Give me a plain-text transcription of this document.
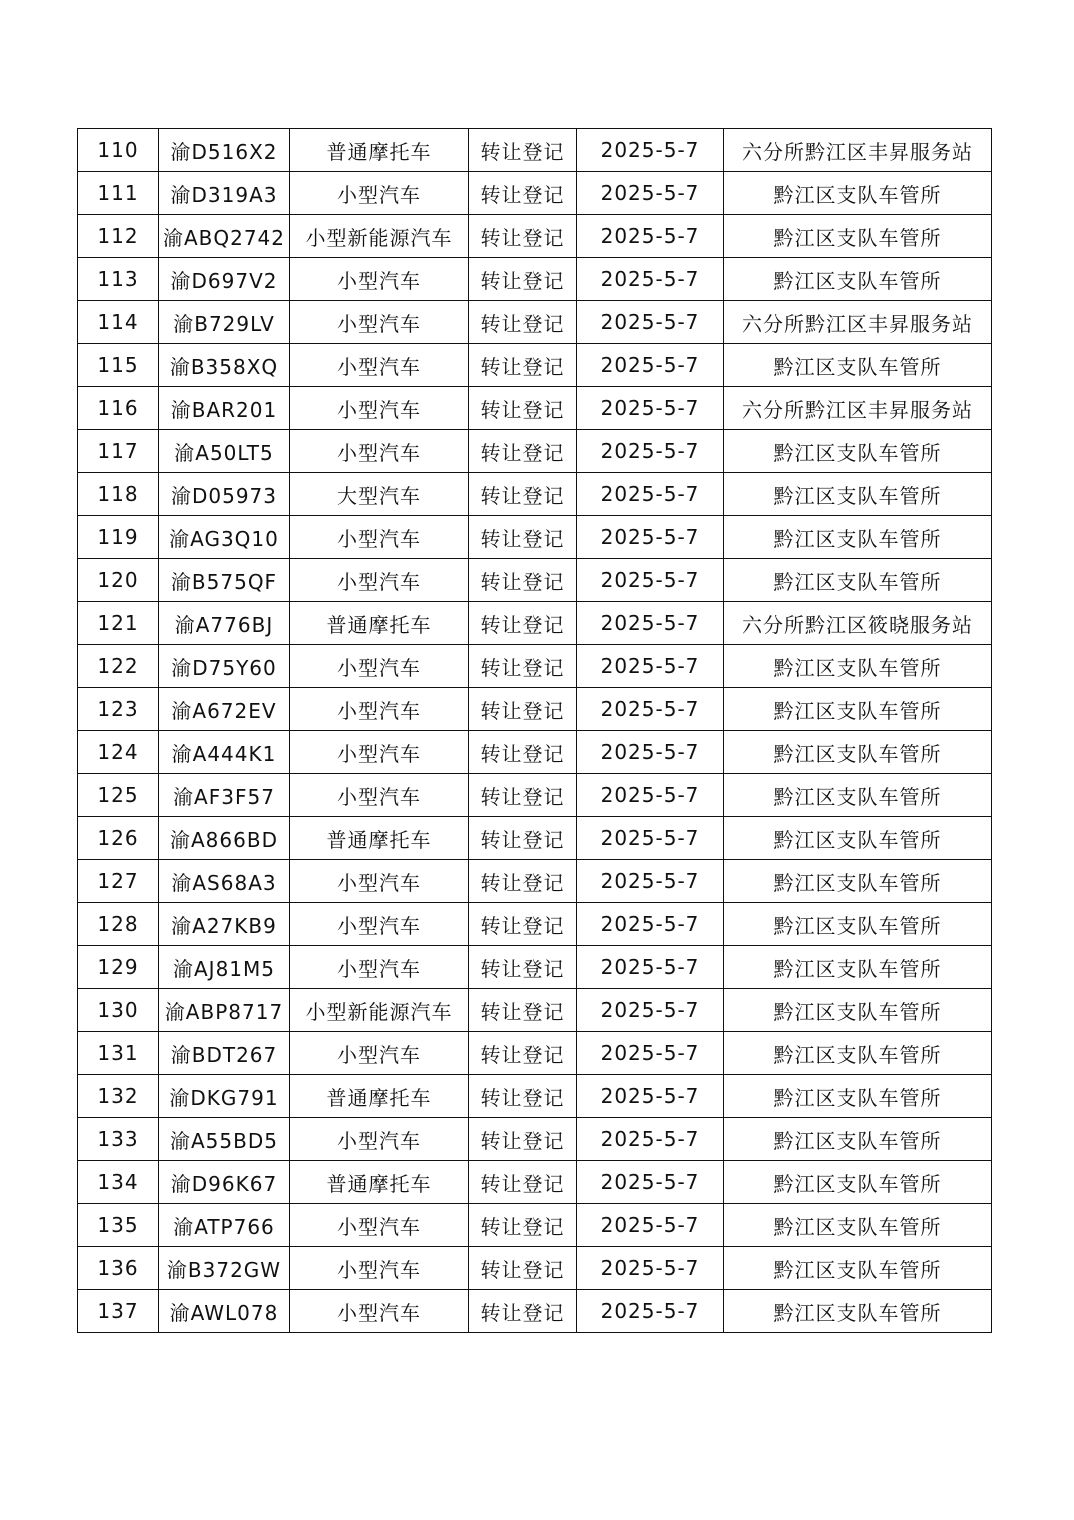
110	渝D516X2	普通摩托车	转让登记	2025-5-7	六分所黔江区丰昇服务站
111	渝D319A3	小型汽车	转让登记	2025-5-7	黔江区支队车管所
112	渝ABQ2742	小型新能源汽车	转让登记	2025-5-7	黔江区支队车管所
113	渝D697V2	小型汽车	转让登记	2025-5-7	黔江区支队车管所
114	渝B729LV	小型汽车	转让登记	2025-5-7	六分所黔江区丰昇服务站
115	渝B358XQ	小型汽车	转让登记	2025-5-7	黔江区支队车管所
116	渝BAR201	小型汽车	转让登记	2025-5-7	六分所黔江区丰昇服务站
117	渝A50LT5	小型汽车	转让登记	2025-5-7	黔江区支队车管所
118	渝D05973	大型汽车	转让登记	2025-5-7	黔江区支队车管所
119	渝AG3Q10	小型汽车	转让登记	2025-5-7	黔江区支队车管所
120	渝B575QF	小型汽车	转让登记	2025-5-7	黔江区支队车管所
121	渝A776BJ	普通摩托车	转让登记	2025-5-7	六分所黔江区筱晓服务站
122	渝D75Y60	小型汽车	转让登记	2025-5-7	黔江区支队车管所
123	渝A672EV	小型汽车	转让登记	2025-5-7	黔江区支队车管所
124	渝A444K1	小型汽车	转让登记	2025-5-7	黔江区支队车管所
125	渝AF3F57	小型汽车	转让登记	2025-5-7	黔江区支队车管所
126	渝A866BD	普通摩托车	转让登记	2025-5-7	黔江区支队车管所
127	渝AS68A3	小型汽车	转让登记	2025-5-7	黔江区支队车管所
128	渝A27KB9	小型汽车	转让登记	2025-5-7	黔江区支队车管所
129	渝AJ81M5	小型汽车	转让登记	2025-5-7	黔江区支队车管所
130	渝ABP8717	小型新能源汽车	转让登记	2025-5-7	黔江区支队车管所
131	渝BDT267	小型汽车	转让登记	2025-5-7	黔江区支队车管所
132	渝DKG791	普通摩托车	转让登记	2025-5-7	黔江区支队车管所
133	渝A55BD5	小型汽车	转让登记	2025-5-7	黔江区支队车管所
134	渝D96K67	普通摩托车	转让登记	2025-5-7	黔江区支队车管所
135	渝ATP766	小型汽车	转让登记	2025-5-7	黔江区支队车管所
136	渝B372GW	小型汽车	转让登记	2025-5-7	黔江区支队车管所
137	渝AWL078	小型汽车	转让登记	2025-5-7	黔江区支队车管所
